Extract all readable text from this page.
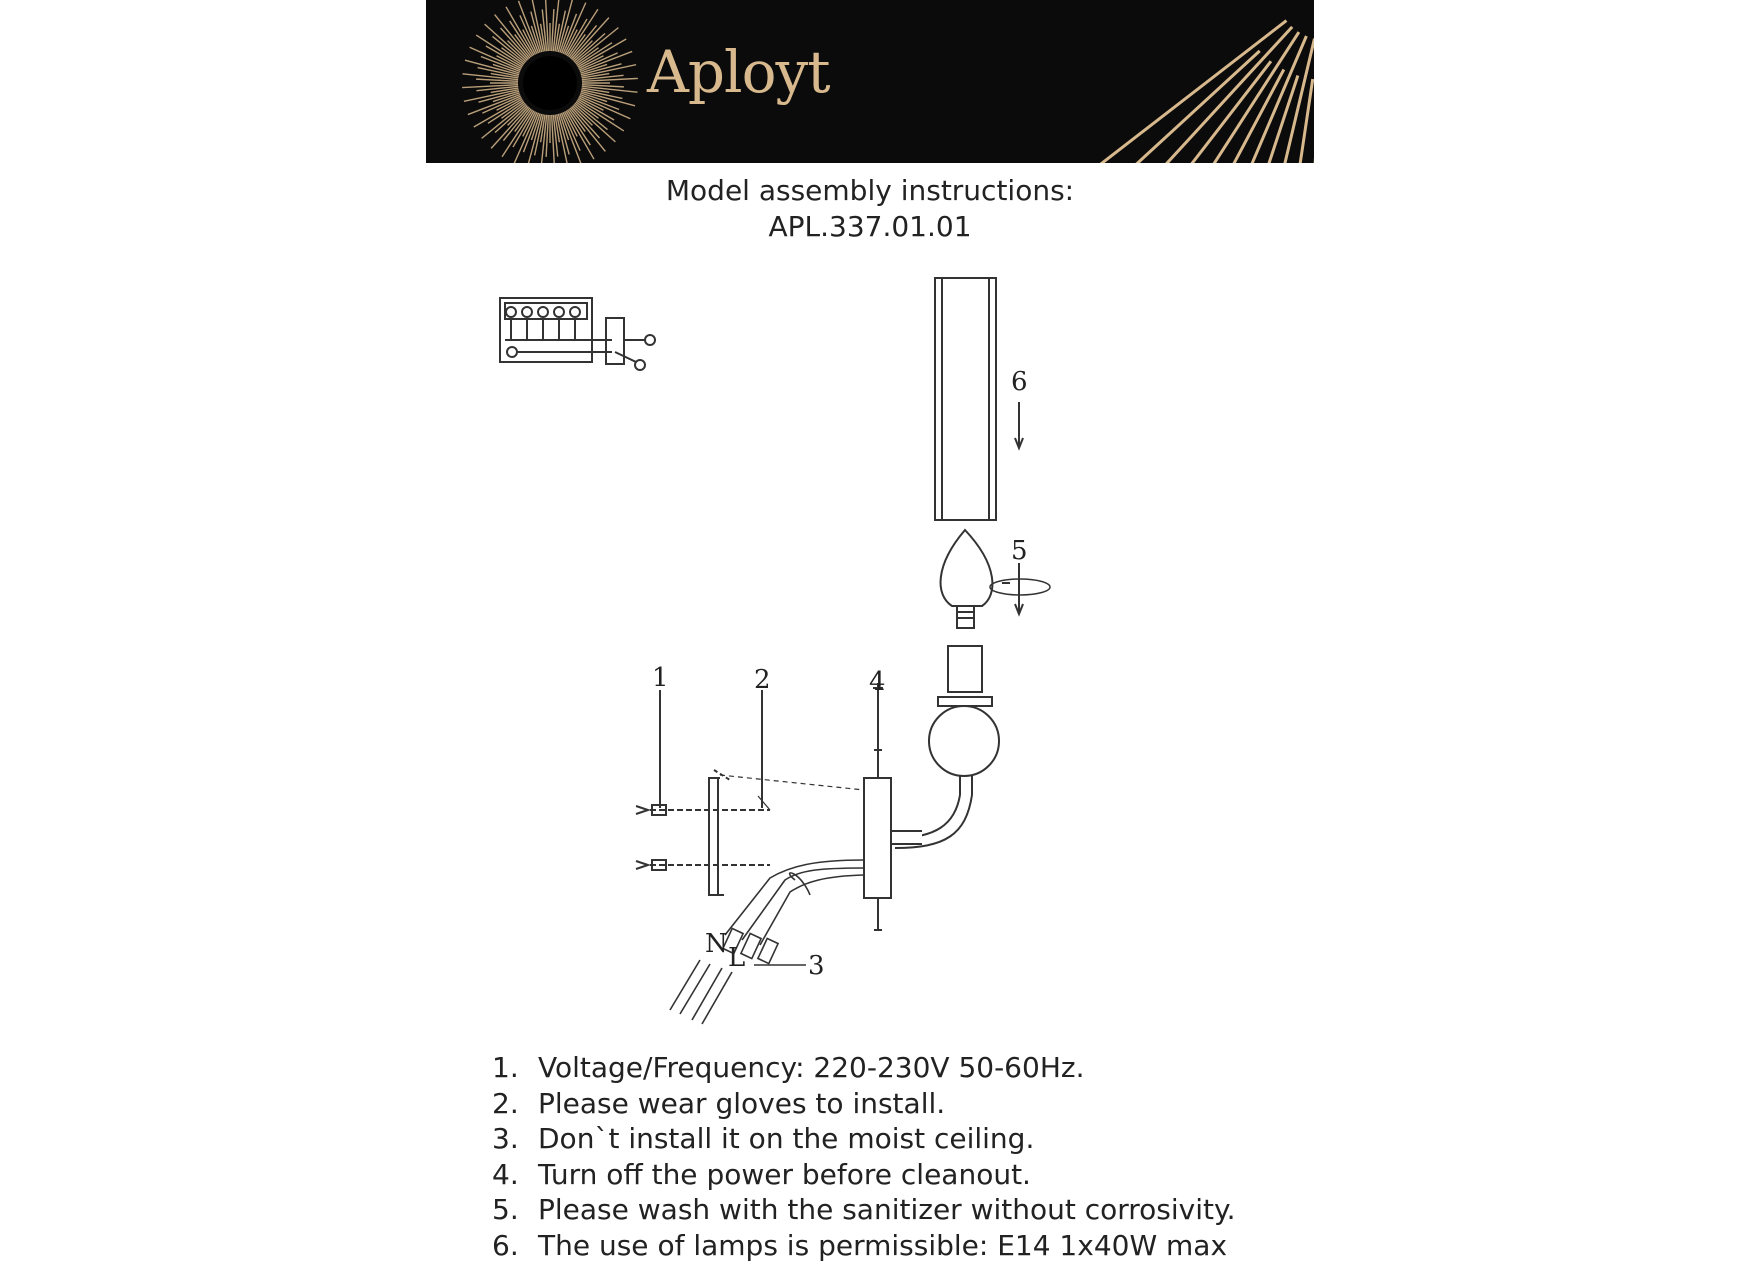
Aployt
Model assembly instructions:
APL.337.01.01
1	2
3
4
5
6
N L
1. Voltage/Frequency: 220-230V 50-60Hz.
2. Please wear gloves to install.
3. Don`t install it on the moist ceiling.
4. Turn off the power before cleanout.
5. Please wash with the sanitizer without corrosivity.
6. The use of lamps is permissible: E14 1x40W max
